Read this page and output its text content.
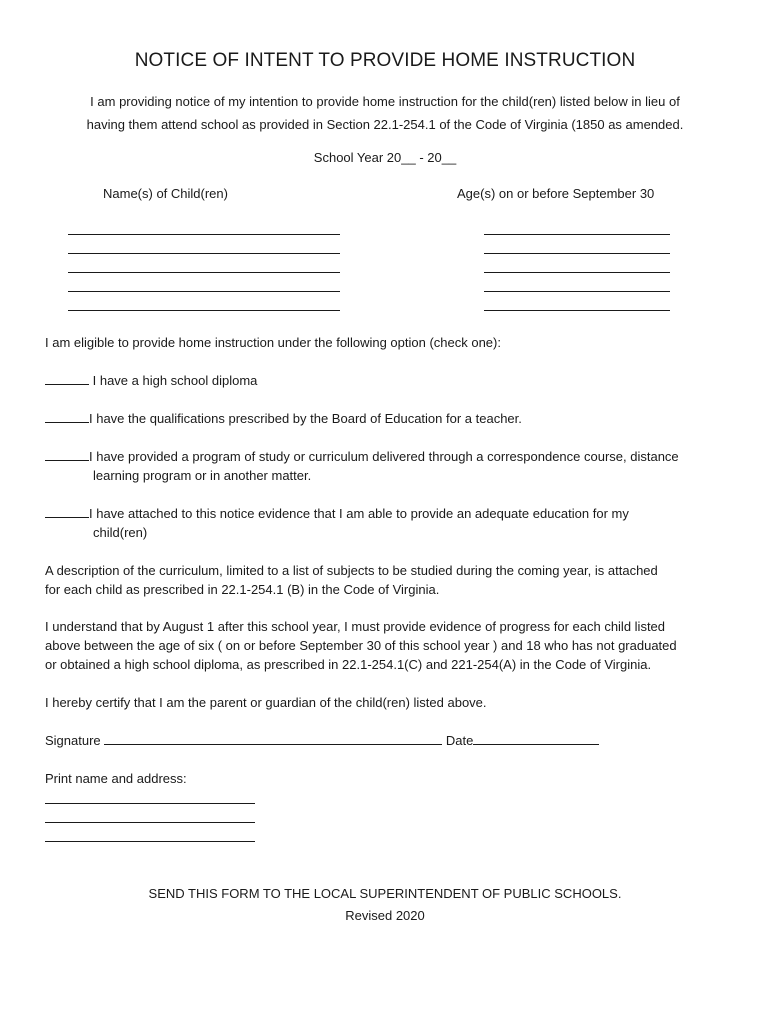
NOTICE OF INTENT TO PROVIDE HOME INSTRUCTION
I am providing notice of my intention to provide home instruction for the child(ren) listed below in lieu of
having them attend school as provided in Section 22.1-254.1 of the Code of Virginia (1850 as amended.
School Year 20__ - 20__
Name(s) of Child(ren)	Age(s) on or before September 30
I am eligible to provide home instruction under the following option (check one):
I have a high school diploma
I have the qualifications prescribed by the Board of Education for a teacher.
I have provided a program of study or curriculum delivered through a correspondence course, distance
learning program or in another matter.
I have attached to this notice evidence that I am able to provide an adequate education for my
child(ren)
A description of the curriculum, limited to a list of subjects to be studied during the coming year, is attached
for each child as prescribed in 22.1-254.1 (B) in the Code of Virginia.
I understand that by August 1 after this school year, I must provide evidence of progress for each child listed
above between the age of six ( on or before September 30 of this school year ) and 18 who has not graduated
or obtained a high school diploma, as prescribed in 22.1-254.1(C) and 221-254(A) in the Code of Virginia.
I hereby certify that I am the parent or guardian of the child(ren) listed above.
Signature	Date
Print name and address:
SEND THIS FORM TO THE LOCAL SUPERINTENDENT OF PUBLIC SCHOOLS.
Revised 2020
